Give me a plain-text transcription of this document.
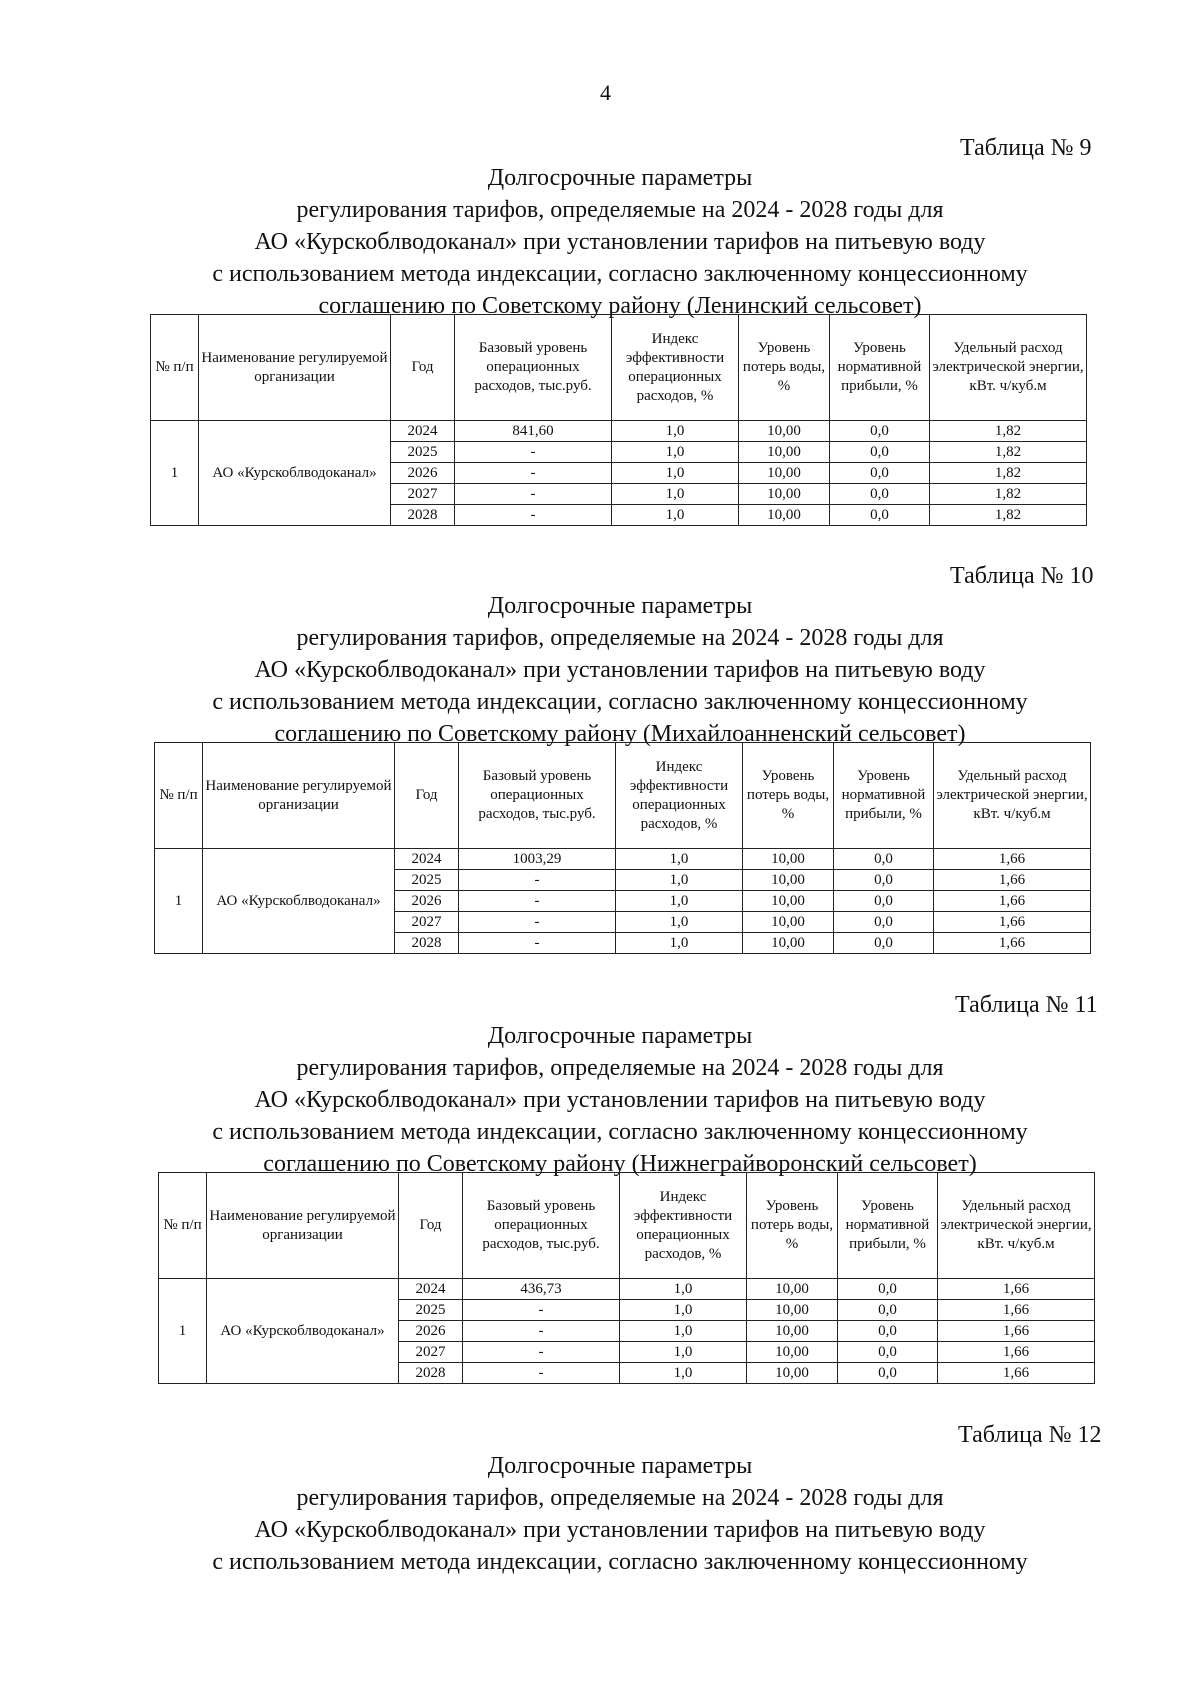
4
Таблица № 9
Долгосрочные параметры
регулирования тарифов, определяемые на 2024 - 2028 годы для
АО «Курскоблводоканал» при установлении тарифов на питьевую воду
с использованием метода индексации, согласно заключенному концессионному
соглашению по Советскому району (Ленинский сельсовет)
№ п/п	Наименование регулируемой организации	Год	Базовый уровень операционных расходов, тыс.руб.	Индекс эффективности операционных расходов, %	Уровень потерь воды, %	Уровень нормативной прибыли, %	Удельный расход электрической энергии, кВт. ч/куб.м
1	АО «Курскоблводоканал»	2024	841,60	1,0	10,00	0,0	1,82
		2025	-	1,0	10,00	0,0	1,82
		2026	-	1,0	10,00	0,0	1,82
		2027	-	1,0	10,00	0,0	1,82
		2028	-	1,0	10,00	0,0	1,82
Таблица № 10
Долгосрочные параметры
регулирования тарифов, определяемые на 2024 - 2028 годы для
АО «Курскоблводоканал» при установлении тарифов на питьевую воду
с использованием метода индексации, согласно заключенному концессионному
соглашению по Советскому району (Михайлоанненский сельсовет)
№ п/п	Наименование регулируемой организации	Год	Базовый уровень операционных расходов, тыс.руб.	Индекс эффективности операционных расходов, %	Уровень потерь воды, %	Уровень нормативной прибыли, %	Удельный расход электрической энергии, кВт. ч/куб.м
1	АО «Курскоблводоканал»	2024	1003,29	1,0	10,00	0,0	1,66
		2025	-	1,0	10,00	0,0	1,66
		2026	-	1,0	10,00	0,0	1,66
		2027	-	1,0	10,00	0,0	1,66
		2028	-	1,0	10,00	0,0	1,66
Таблица № 11
Долгосрочные параметры
регулирования тарифов, определяемые на 2024 - 2028 годы для
АО «Курскоблводоканал» при установлении тарифов на питьевую воду
с использованием метода индексации, согласно заключенному концессионному
соглашению по Советскому району (Нижнеграйворонский сельсовет)
№ п/п	Наименование регулируемой организации	Год	Базовый уровень операционных расходов, тыс.руб.	Индекс эффективности операционных расходов, %	Уровень потерь воды, %	Уровень нормативной прибыли, %	Удельный расход электрической энергии, кВт. ч/куб.м
1	АО «Курскоблводоканал»	2024	436,73	1,0	10,00	0,0	1,66
		2025	-	1,0	10,00	0,0	1,66
		2026	-	1,0	10,00	0,0	1,66
		2027	-	1,0	10,00	0,0	1,66
		2028	-	1,0	10,00	0,0	1,66
Таблица № 12
Долгосрочные параметры
регулирования тарифов, определяемые на 2024 - 2028 годы для
АО «Курскоблводоканал» при установлении тарифов на питьевую воду
с использованием метода индексации, согласно заключенному концессионному
